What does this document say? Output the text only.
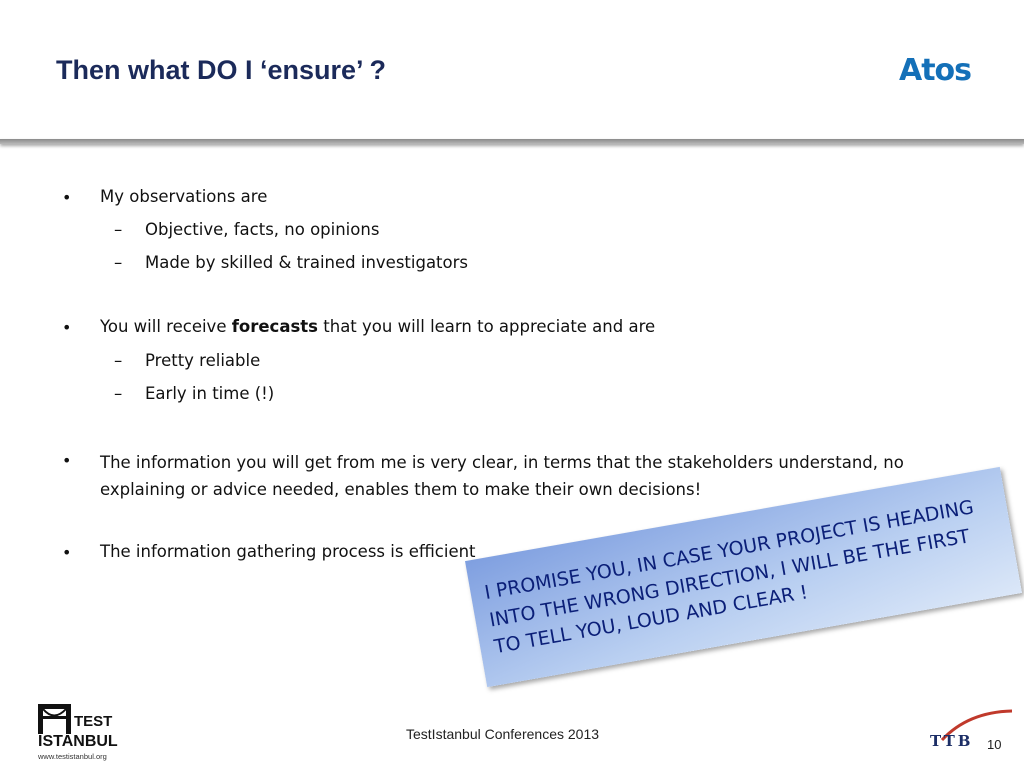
Then what DO I ‘ensure’ ?	Atos
• My observations are
– Objective, facts, no opinions
– Made by skilled & trained investigators
• You will receive forecasts that you will learn to appreciate and are
– Pretty reliable
– Early in time (!)
• The information you will get from me is very clear, in terms that the stakeholders understand, no explaining or advice needed, enables them to make their own decisions!
• The information gathering process is efficient I PROMISE YOU, IN CASE YOUR PROJECT IS HEADING INTO THE WRONG DIRECTION, I WILL BE THE FIRST TO TELL YOU, LOUD AND CLEAR !
TEST
ISTANBUL
www.testistanbul.org
TestIstanbul Conferences 2013	TTB 10
